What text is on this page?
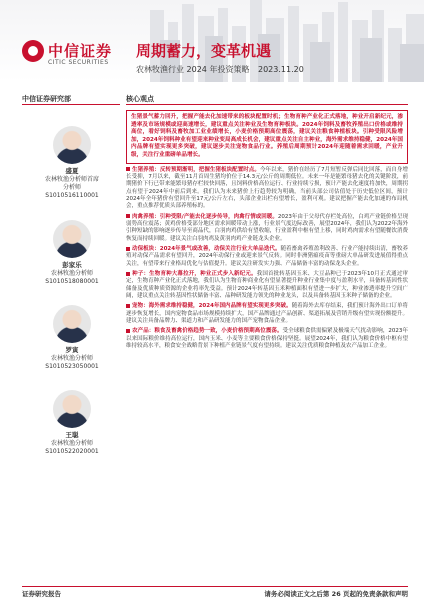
中信证券
CITIC SECURITIES
周期蓄力，变革机遇
农林牧渔行业 2024 年投资策略 2023.11.20
中信证券研究部
盛夏
农林牧渔分析师首席
分析师
S1010516110001
彭家乐
农林牧渔分析师
S1010518080001
罗寅
农林牧渔分析师
S1010523050001
王聪
农林牧渔分析师
S1010522020001
核心观点
生猪景气蓄力回升，把握产能去化加速带来的板块配置时机；生物育种产业化正式落地，种业开启新纪元，渗透率及市场规模或迎高速增长，建议重点关注种业及生物育种板块。2024年饲料及畜牧养殖出口价格或维持高位，看好饲料及畜牧加工业业绩增长，小麦价格预期高位震荡，建议关注粮食种植板块。引种受限风险增加，2024年饲料种业有望迎来种业变局高成长机会，建议重点关注自主种业，海外需求维持稳健，2024年国内品牌有望实现更多突破，建议逐步关注宠物食品行业。养殖后周期预计2024年迎随着需求回暖，产业升级，关注行业重磅单品增长。
生猪养殖：反转预期渐明，把握生猪板块配置时点。今年以来，猪价在经历了7月短暂反弹后同比回落，而自身增长受抑，7月以来，截至11月首周生猪均价位于14.3元/公斤的周期低位。未来一年是能繁母猪去化的关键阶段，前期猪价下行已带来能繁母猪存栏较快回落，且饲料价格高位运行、行业持续亏损，预计产能去化速度将加快，周期拐点有望于2024年中前后到来。我们认为未来猪价上行趋势较为明确，当前头部公司估值处于历史低位区间，预计2024年全年猪价有望回升至17元/公斤左右，头部企业出栏有望增长，盈利可观。建议把握产能去化加速的布局机会，重点推荐优质头部养殖标的。
肉禽养殖：引种受限/产能去化逐步传导，肉禽行情或回暖。2023年由于父母代存栏处高位，白鸡产业链价格呈现弱势高位震荡；黄鸡价格受部分地区需求回暖带动上涨，行业景气度边际改善，展望2024年，我们认为2022年海外引种短缺的影响逐步传导至商品代，白羽肉鸡供给有望收缩，行业盈利中枢有望上移，同时鸡肉需求有望随餐饮消费恢复而持续回暖。建议关注白羽肉鸡及黄羽肉鸡产业链龙头企业。
动保板块：2024年景气或改善，动保关注行业大单品迭代。随着畜禽养殖盈利改善、行业产能持续出清，畜牧养殖对动保产品需求有望回升，2024年动保行业或迎来景气反转。同时非洲猪瘟疫苗等重磅大单品研发进展值得重点关注，有望带来行业格局优化与估值提升。建议关注研发实力强、产品储备丰富的动保龙头企业。
种子：生物育种大幕拉开，种业正式步入新纪元。我国首批转基因玉米、大豆品种已于2023年10月正式通过审定，生物育种产业化正式落地，我们认为生物育种商业化有望显著提升种业行业集中度与盈利水平，具备转基因性状储备及优质种质资源的企业将率先受益。预计2024年转基因玉米种植面积有望进一步扩大，种业渗透率提升空间广阔，建议重点关注转基因性状储备丰富、品种研发能力领先的种业龙头，以及具备转基因玉米种子储备的企业。
宠物：海外需求维持稳健，2024年国内品牌有望实现更多突破。随着海外去库存结束，我们预计海外出口订单将逐步恢复增长，国内宠物食品市场规模持续扩大，国产品牌通过产品创新、渠道拓展及营销升级有望实现份额提升。建议关注具备品牌力、渠道力和产品研发能力的国产宠物食品企业。
农产品：粮食及畜禽价格趋势一致，小麦价格预期高位震荡。受全球粮食供需偏紧及极端天气扰动影响，2023年以来国际粮价维持高位运行，国内玉米、小麦等主要粮食价格保持坚挺。展望2024年，我们认为粮食价格中枢有望维持较高水平，粮食安全战略背景下种植产业链景气度有望持续。建议关注优质粮食种植及农产品加工企业。
证券研究报告	请务必阅读正文之后第 26 页起的免责条款和声明
